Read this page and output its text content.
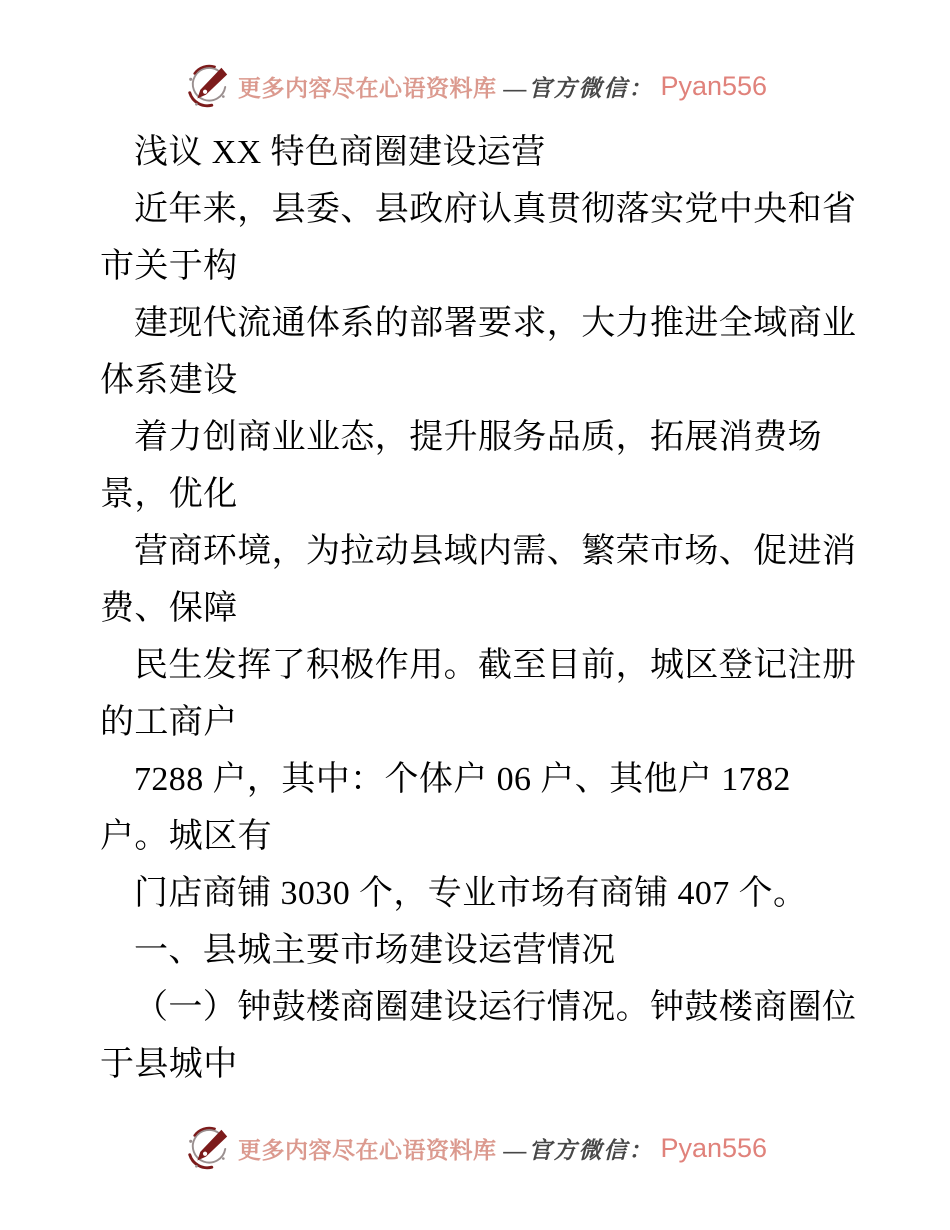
更多内容尽在心语资料库 —官方微信： Pyan556
浅议 XX 特色商圈建设运营
近年来，县委、县政府认真贯彻落实党中央和省
市关于构
建现代流通体系的部署要求，大力推进全域商业
体系建设
着力创商业业态，提升服务品质，拓展消费场
景，优化
营商环境，为拉动县域内需、繁荣市场、促进消
费、保障
民生发挥了积极作用。截至目前，城区登记注册
的工商户
7288 户，其中：个体户 06 户、其他户 1782
户。城区有
门店商铺 3030 个，专业市场有商铺 407 个。
一、县城主要市场建设运营情况
（一）钟鼓楼商圈建设运行情况。钟鼓楼商圈位
于县城中
更多内容尽在心语资料库 —官方微信： Pyan556
